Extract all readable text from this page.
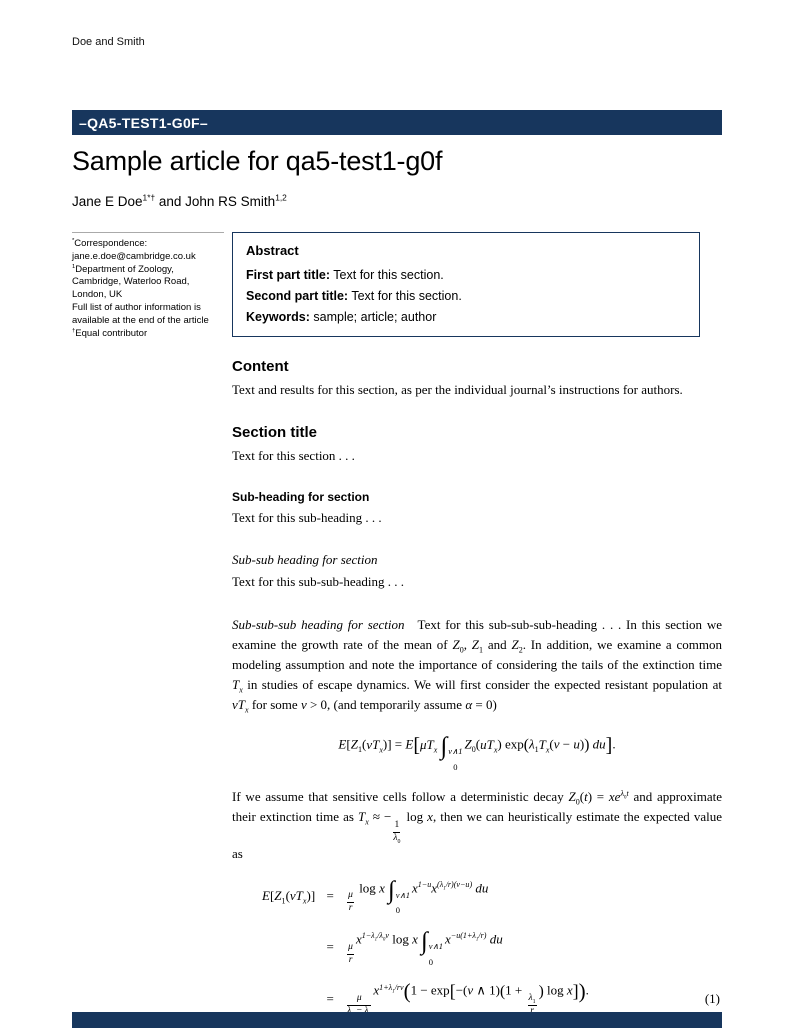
Doe and Smith
–QA5-TEST1-G0F–
Sample article for qa5-test1-g0f
Jane E Doe$^{1*\dagger}$ and John RS Smith$^{1,2}$
*Correspondence: jane.e.doe@cambridge.co.uk
$^1$Department of Zoology, Cambridge, Waterloo Road, London, UK
Full list of author information is available at the end of the article
†Equal contributor
Abstract

First part title: Text for this section.

Second part title: Text for this section.

Keywords: sample; article; author

Content

Text and results for this section, as per the individual journal’s instructions for authors.

Section title

Text for this section . . .

Sub-heading for section

Text for this sub-heading . . .

Sub-sub heading for section

Text for this sub-sub-heading . . .

Sub-sub-sub heading for section  Text for this sub-sub-sub-heading . . . In this section we examine the growth rate of the mean of $Z_0$, $Z_1$ and $Z_2$. In addition, we examine a common modeling assumption and note the importance of considering the tails of the extinction time $T_x$ in studies of escape dynamics. We will first consider the expected resistant population at $vT_x$ for some v > 0, (and temporarily assume α = 0)

$E[Z_1(vT_x)] = E[\mu T_x$ ∫ v∧1
0
$Z_0(uT_x) \exp(\lambda_1T_x(v - u))$ du].

If we assume that sensitive cells follow a deterministic decay $Z_0(t) = xe^{\lambda_0t}$ and approximate their extinction time as $T_x$ ≈ −
$\frac{1}{\lambda_0}$
log x, then we can heuristically estimate the expected value as

$E[Z_1(vT_x)]$ =	$\frac{\mu}{r}$
log x ∫ v∧1
0
$x^{1-u}x^{(\lambda_1/r)(v-u)}$ du
=	$\frac{\mu}{r}$
$x^{1-\lambda_1/\lambda_0v}$ log x ∫ v∧1
0
$x^{-u(1+\lambda_1/r)}$ du
=	μ
$x^{1+\lambda_1/rv}(1 - \exp[-(v$ ∧ 1)(1 +
$\lambda_1$
) log x]).
(1)
